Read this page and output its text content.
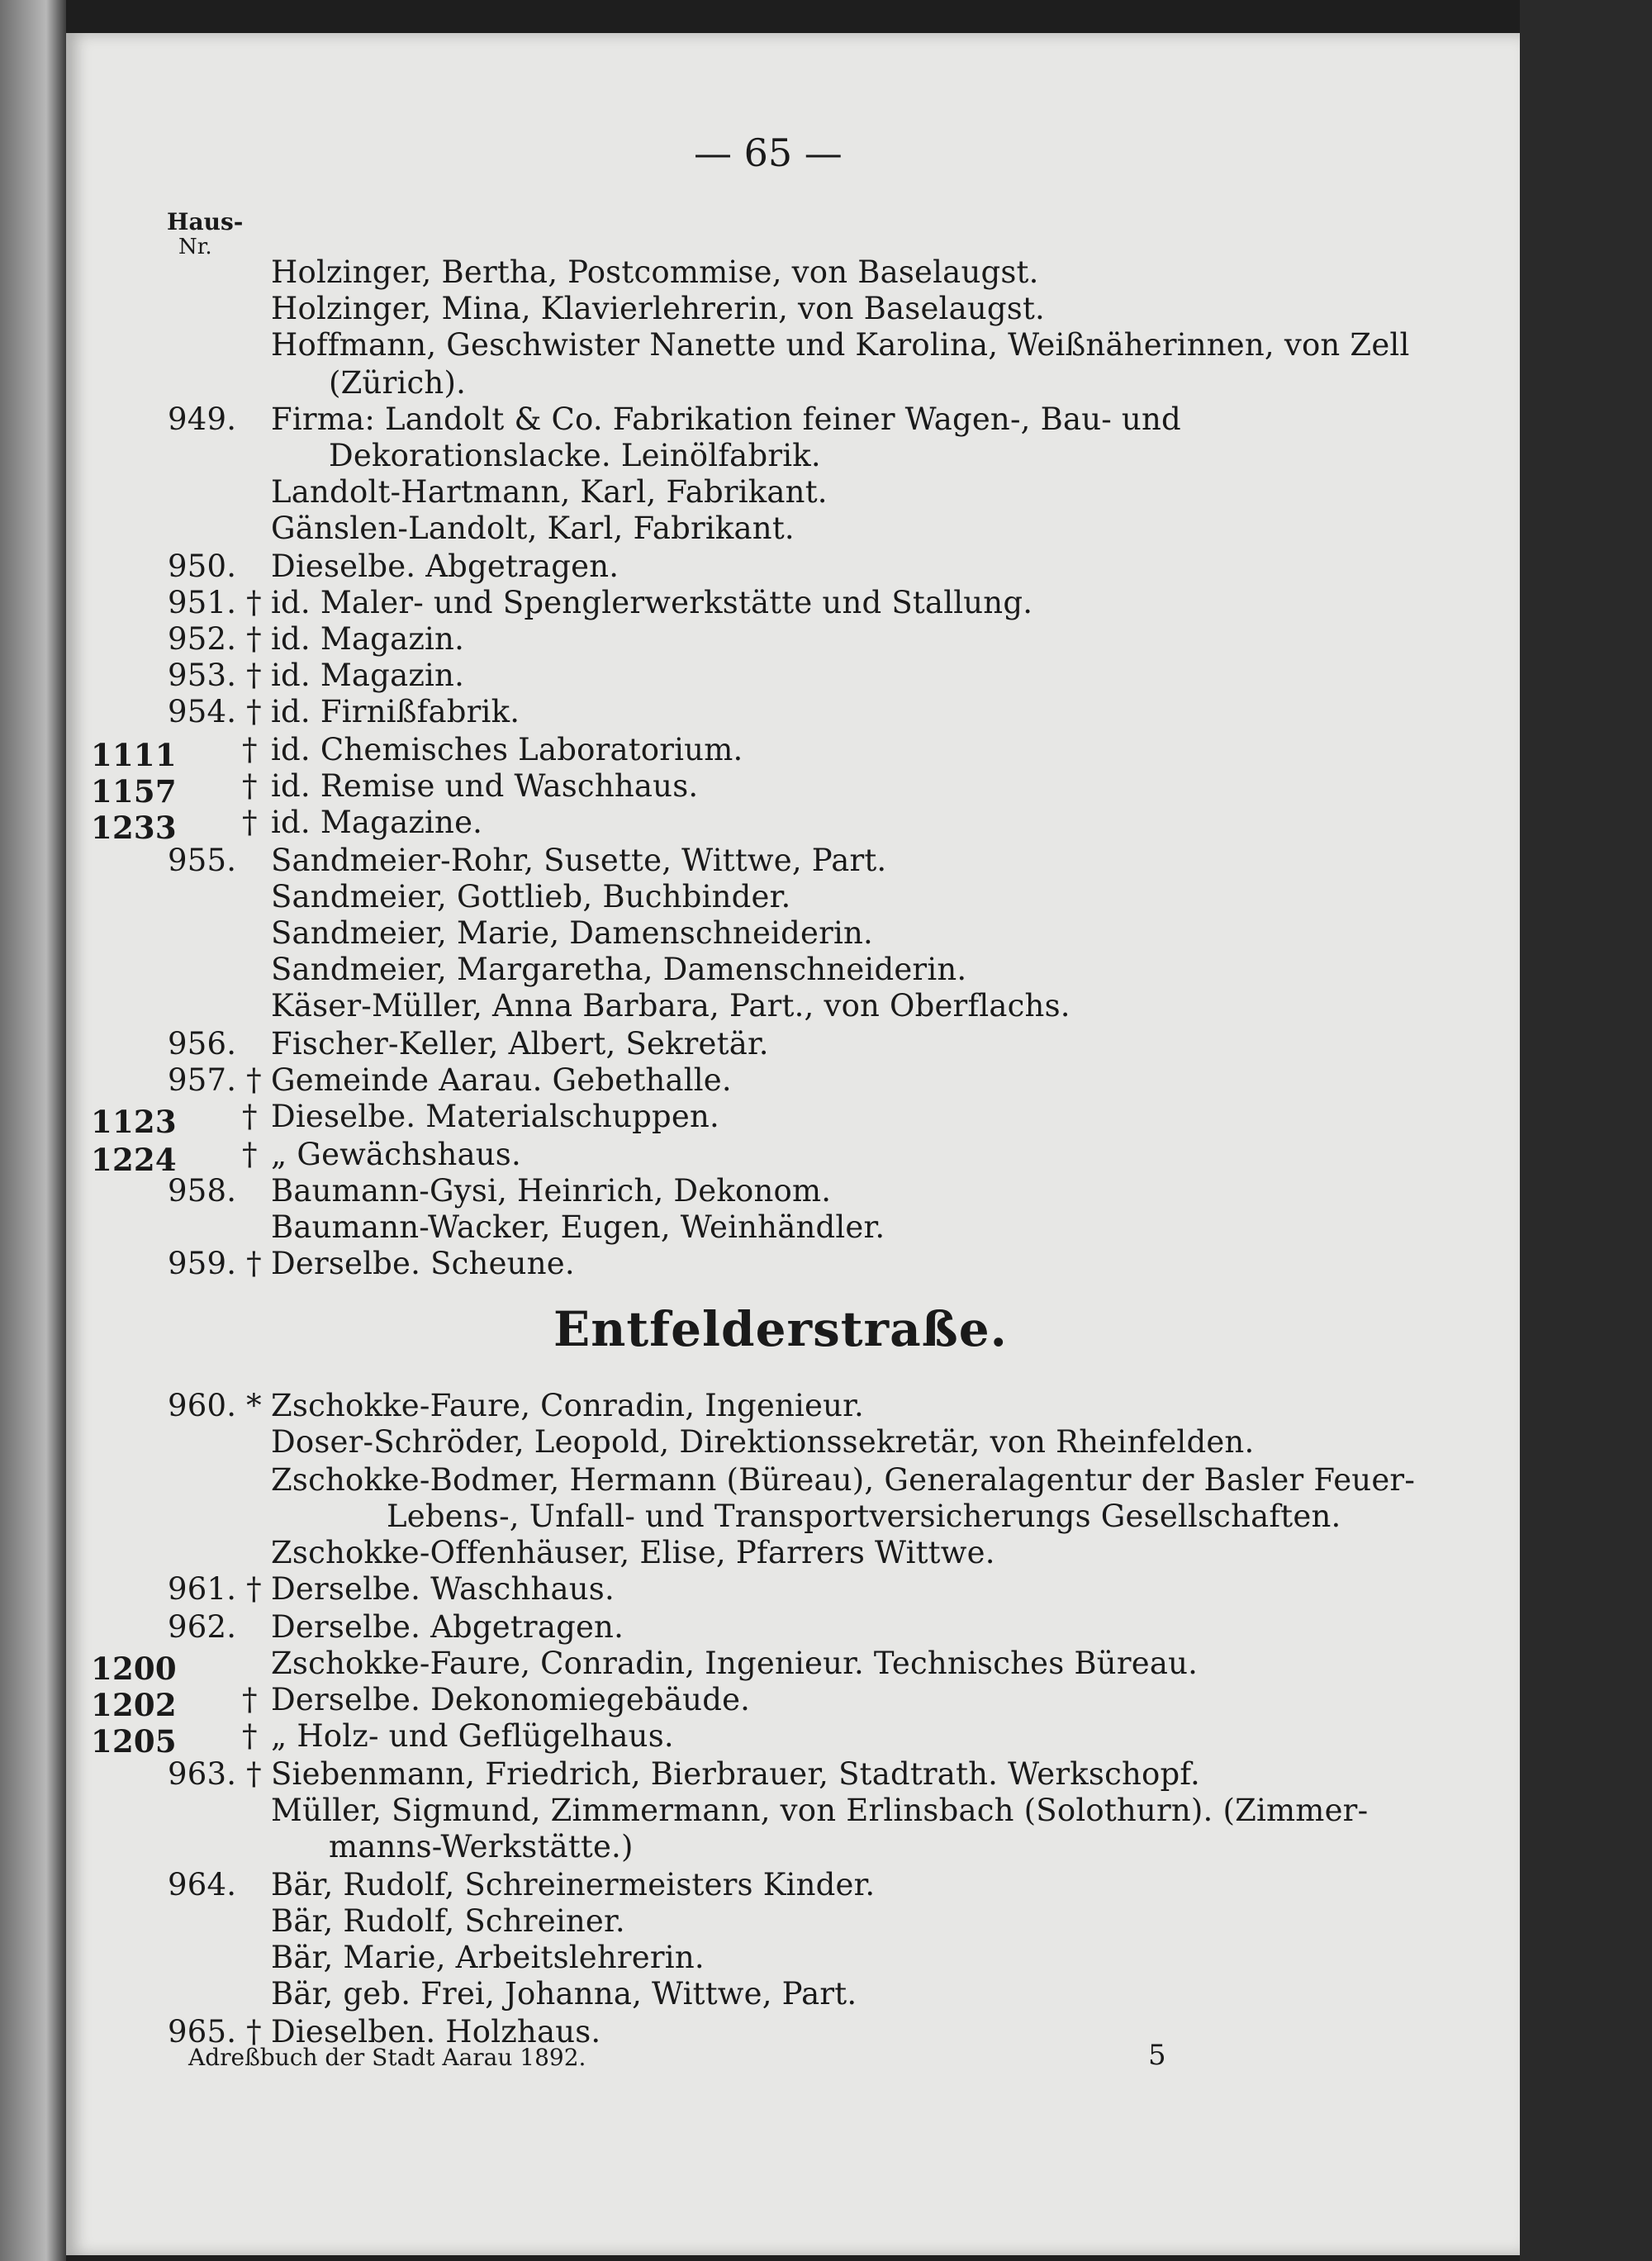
— 65 —
Haus-
Nr.
Holzinger, Bertha, Postcommise, von Baselaugst.
Holzinger, Mina, Klavierlehrerin, von Baselaugst.
Hoffmann, Geschwister Nanette und Karolina, Weißnäherinnen, von Zell
(Zürich).
949. Firma: Landolt & Co. Fabrikation feiner Wagen-, Bau- und
Dekorationslacke. Leinölfabrik.
Landolt-Hartmann, Karl, Fabrikant.
Gänslen-Landolt, Karl, Fabrikant.
950. Dieselbe. Abgetragen.
951. † id. Maler- und Spenglerwerkstätte und Stallung.
952. † id. Magazin.
953. † id. Magazin.
954. † id. Firnißfabrik.
1111 † id. Chemisches Laboratorium.
1157 † id. Remise und Waschhaus.
1233 † id. Magazine.
955. Sandmeier-Rohr, Susette, Wittwe, Part.
Sandmeier, Gottlieb, Buchbinder.
Sandmeier, Marie, Damenschneiderin.
Sandmeier, Margaretha, Damenschneiderin.
Käser-Müller, Anna Barbara, Part., von Oberflachs.
956. Fischer-Keller, Albert, Sekretär.
957. † Gemeinde Aarau. Gebethalle.
1123 † Dieselbe. Materialschuppen.
1224 † „ Gewächshaus.
958. Baumann-Gysi, Heinrich, Dekonom.
Baumann-Wacker, Eugen, Weinhändler.
959. † Derselbe. Scheune.
960. * Zschokke-Faure, Conradin, Ingenieur.
Doser-Schröder, Leopold, Direktionssekretär, von Rheinfelden.
Zschokke-Bodmer, Hermann (Büreau), Generalagentur der Basler Feuer-
Lebens-, Unfall- und Transportversicherungs Gesellschaften.
Zschokke-Offenhäuser, Elise, Pfarrers Wittwe.
961. † Derselbe. Waschhaus.
962. Derselbe. Abgetragen.
1200	Zschokke-Faure, Conradin, Ingenieur. Technisches Büreau.
1202 † Derselbe. Dekonomiegebäude.
1205 † „ Holz- und Geflügelhaus.
963. † Siebenmann, Friedrich, Bierbrauer, Stadtrath. Werkschopf.
Müller, Sigmund, Zimmermann, von Erlinsbach (Solothurn). (Zimmer-
manns-Werkstätte.)
964. Bär, Rudolf, Schreinermeisters Kinder.
Bär, Rudolf, Schreiner.
Bär, Marie, Arbeitslehrerin.
Bär, geb. Frei, Johanna, Wittwe, Part.
965. † Dieselben. Holzhaus.
Entfelderstraße.
Adreßbuch der Stadt Aarau 1892.	5
